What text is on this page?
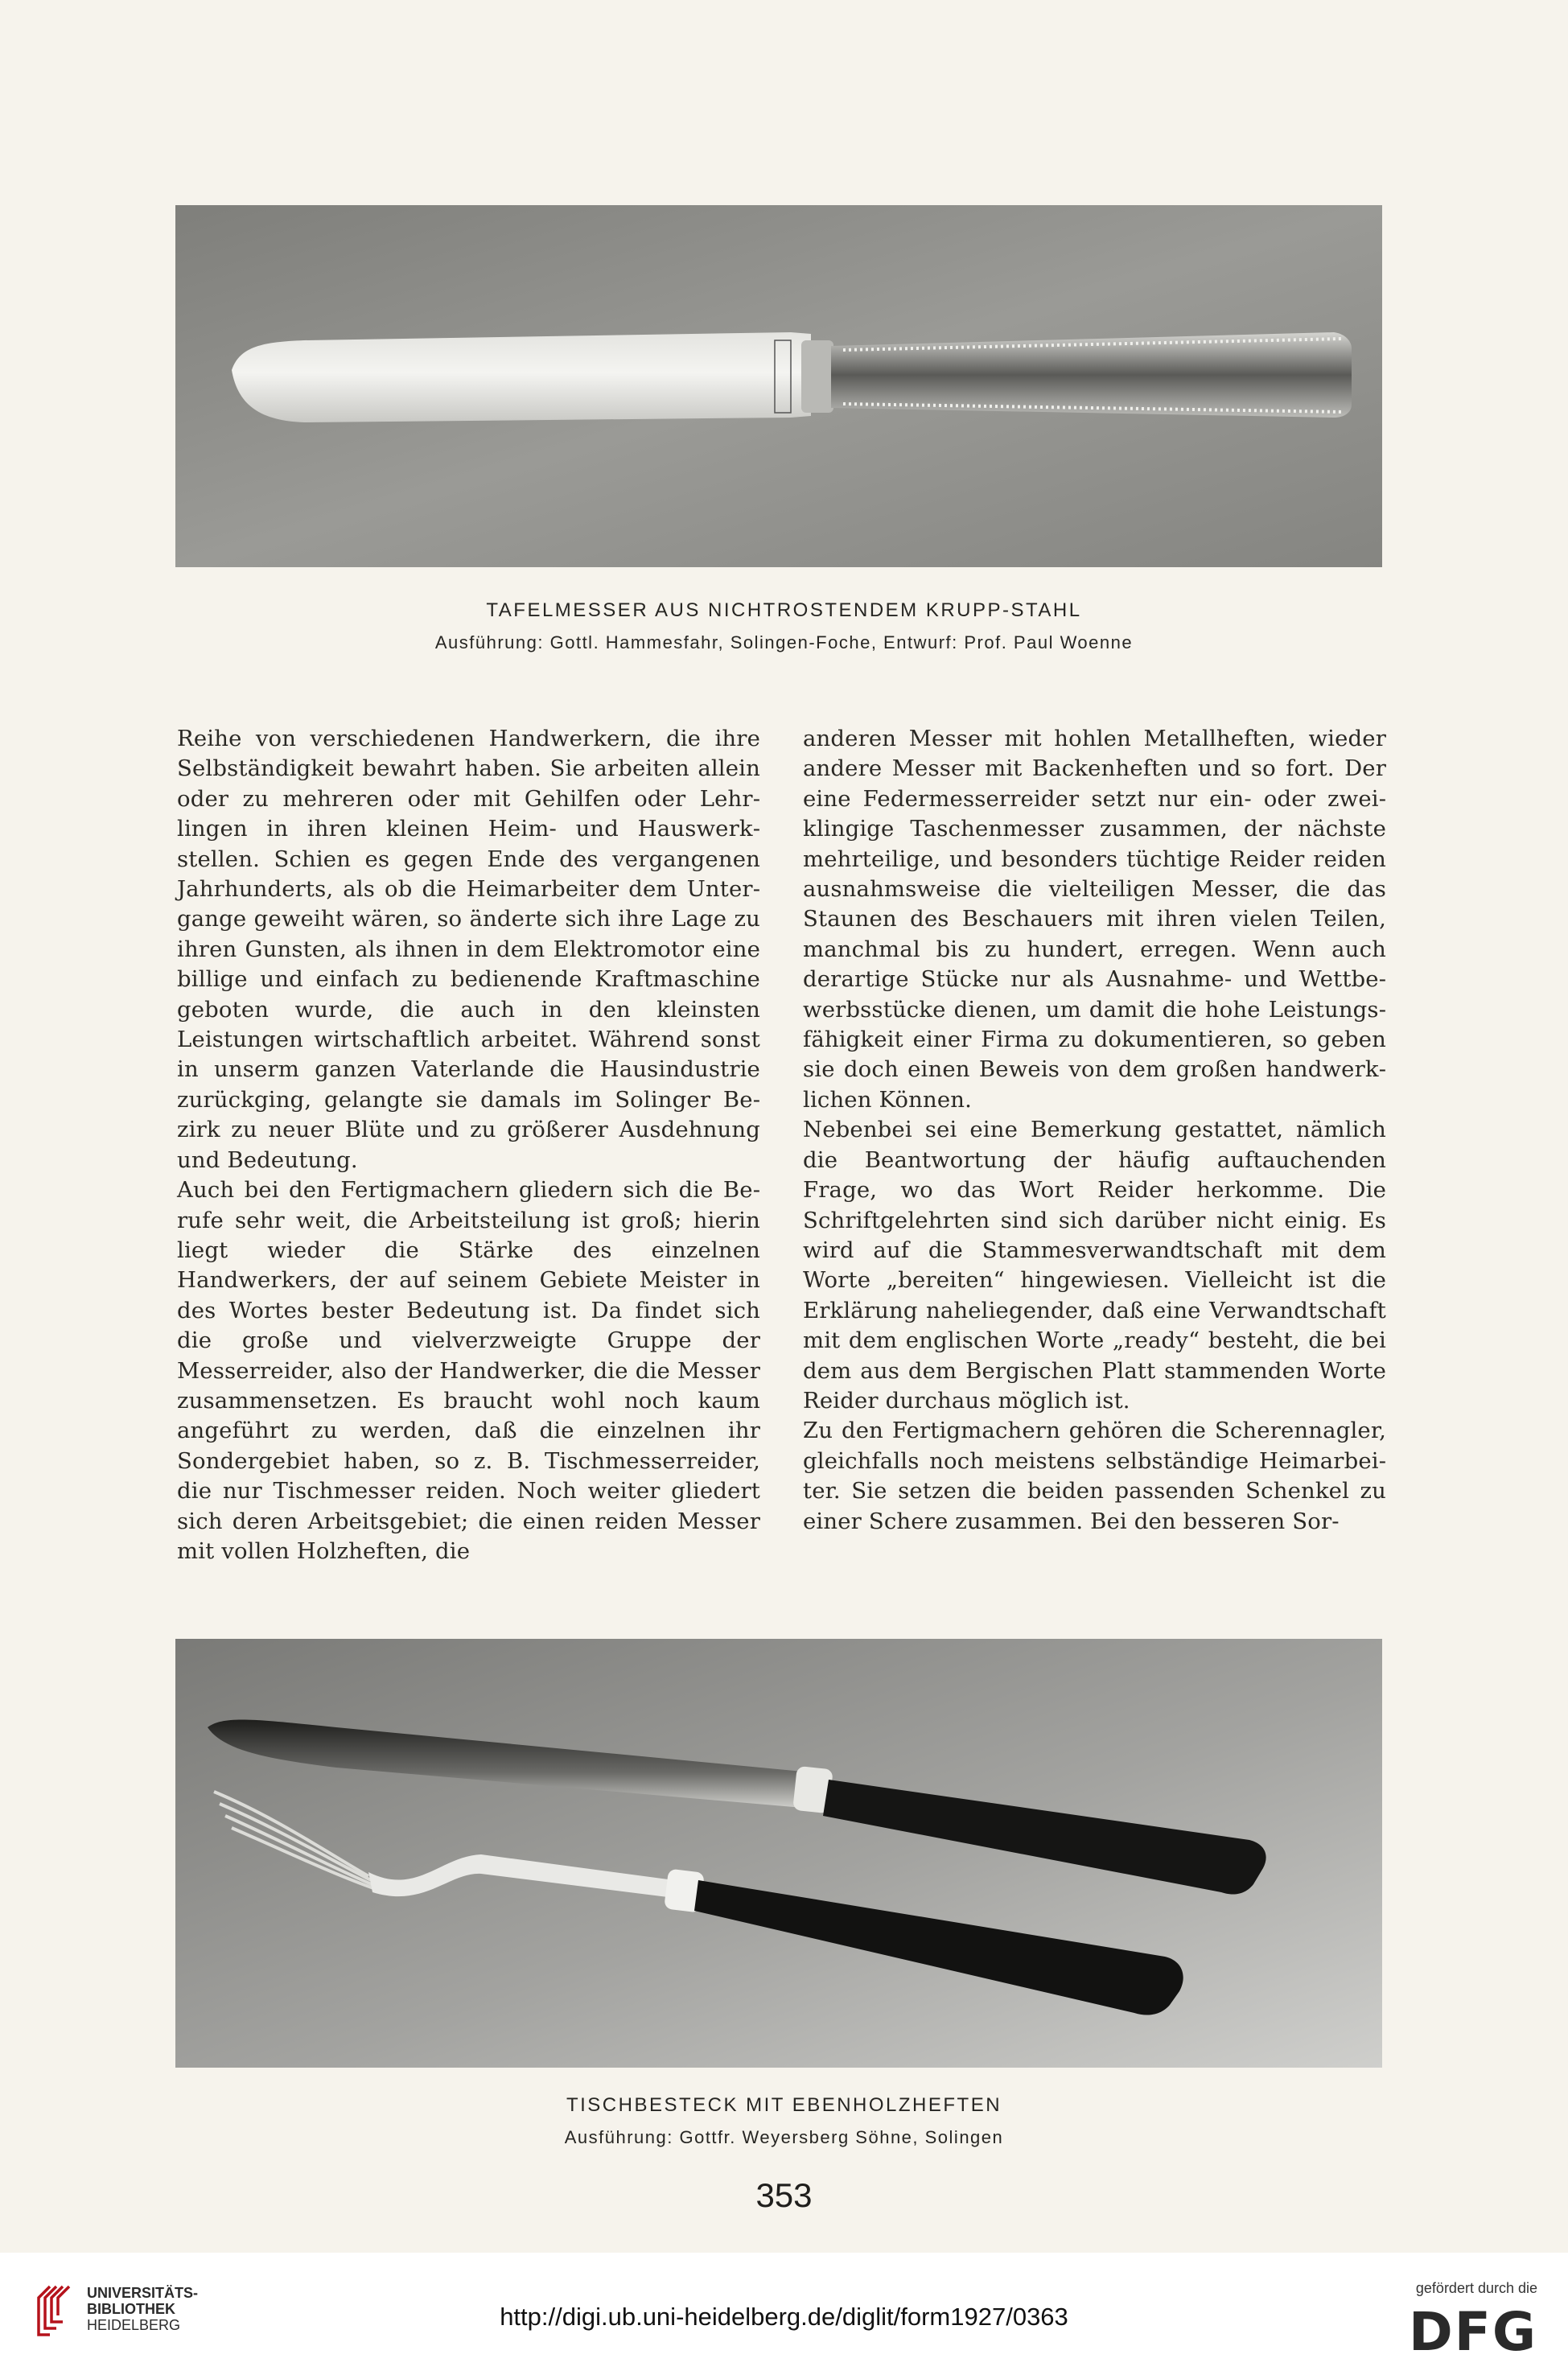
TAFELMESSER AUS NICHTROSTENDEM KRUPP-STAHL
Ausführung: Gottl. Hammesfahr, Solingen-Foche, Entwurf: Prof. Paul Woenne

Reihe von verschiedenen Handwerkern, die ihre Selbständigkeit bewahrt haben. Sie arbeiten allein oder zu mehreren oder mit Gehilfen oder Lehrlingen in ihren kleinen Heim- und Hauswerkstellen. Schien es gegen Ende des vergangenen Jahrhunderts, als ob die Heimarbeiter dem Untergange geweiht wären, so änderte sich ihre Lage zu ihren Gunsten, als ihnen in dem Elektromotor eine billige und einfach zu bedienende Kraftmaschine geboten wurde, die auch in den kleinsten Leistungen wirtschaftlich arbeitet. Während sonst in unserm ganzen Vaterlande die Hausindustrie zurückging, gelangte sie damals im Solinger Bezirk zu neuer Blüte und zu größerer Ausdehnung und Bedeutung.

Auch bei den Fertigmachern gliedern sich die Berufe sehr weit, die Arbeitsteilung ist groß; hierin liegt wieder die Stärke des einzelnen Handwerkers, der auf seinem Gebiete Meister in des Wortes bester Bedeutung ist. Da findet sich die große und vielverzweigte Gruppe der Messerreider, also der Handwerker, die die Messer zusammensetzen. Es braucht wohl noch kaum angeführt zu werden, daß die einzelnen ihr Sondergebiet haben, so z. B. Tischmesserreider, die nur Tischmesser reiden. Noch weiter gliedert sich deren Arbeitsgebiet; die einen reiden Messer mit vollen Holzheften, die

anderen Messer mit hohlen Metallheften, wieder andere Messer mit Backenheften und so fort. Der eine Federmesserreider setzt nur ein- oder zweiklingige Taschenmesser zusammen, der nächste mehrteilige, und besonders tüchtige Reider reiden ausnahmsweise die vielteiligen Messer, die das Staunen des Beschauers mit ihren vielen Teilen, manchmal bis zu hundert, erregen. Wenn auch derartige Stücke nur als Ausnahme- und Wettbewerbsstücke dienen, um damit die hohe Leistungsfähigkeit einer Firma zu dokumentieren, so geben sie doch einen Beweis von dem großen handwerklichen Können.

Nebenbei sei eine Bemerkung gestattet, nämlich die Beantwortung der häufig auftauchenden Frage, wo das Wort Reider herkomme. Die Schriftgelehrten sind sich darüber nicht einig. Es wird auf die Stammesverwandtschaft mit dem Worte „bereiten“ hingewiesen. Vielleicht ist die Erklärung naheliegender, daß eine Verwandtschaft mit dem englischen Worte „ready“ besteht, die bei dem aus dem Bergischen Platt stammenden Worte Reider durchaus möglich ist.

Zu den Fertigmachern gehören die Scherennagler, gleichfalls noch meistens selbständige Heimarbeiter. Sie setzen die beiden passenden Schenkel zu einer Schere zusammen. Bei den besseren Sor-

TISCHBESTECK MIT EBENHOLZHEFTEN
Ausführung: Gottfr. Weyersberg Söhne, Solingen
353
UNIVERSITÄTS-
BIBLIOTHEK
HEIDELBERG	http://digi.ub.uni-heidelberg.de/diglit/form1927/0363
gefördert durch die
DFG
